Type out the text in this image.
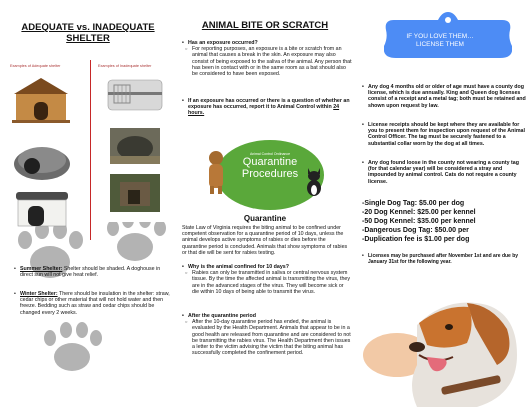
ADEQUATE vs. INADEQUATE SHELTER
Examples of Adequate shelter	Examples of Inadequate shelter
• Summer Shelter: Shelter should be shaded. A doghouse in direct sun will not give heat relief.
• Winter Shelter: There should be insulation in the shelter: straw, cedar chips or other material that will not hold water and then freeze. Bedding such as straw and cedar chips should be changed every 2 weeks.
ANIMAL BITE OR SCRATCH
• Has an exposure occurred?
○ For reporting purposes, an exposure is a bite or scratch from an animal that causes a break in the skin. An exposure may also consist of being exposed to the saliva of the animal. Any person that has been in contact with or in the same room as a bat should also be considered to have been exposed.
• If an exposure has occurred or there is a question of whether an exposure has occurred, report it to Animal Control within 24 hours.
Animal Control Ordinance
Quarantine Procedures
Quarantine
State Law of Virginia requires the biting animal to be confined under competent observation for a quarantine period of 10 days, unless the animal develops active symptoms of rabies or dies before the quarantine period is concluded. Animals that show symptoms of rabies or that die will be sent for rabies testing.
• Why is the animal confined for 10 days?
○ Rabies can only be transmitted in saliva or central nervous system tissue. By the time the affected animal is transmitting the virus, they are in the advanced stages of the virus. They will become sick or die within 10 days of being able to transmit the virus.
• After the quarantine period
○ After the 10-day quarantine period has ended, the animal is evaluated by the Health Department. Animals that appear to be in a good health are released from quarantine and are considered to not be transmitting the rabies virus. The Health Department then issues a letter to the victim advising the victim that the biting animal has successfully completed the confinement period.
IF YOU LOVE THEM… LICENSE THEM
• Any dog 4 months old or older of age must have a county dog license, which is due annually. King and Queen dog licenses consist of a receipt and a metal tag; both must be retained and shown upon request by law.
• License receipts should be kept where they are available for you to present them for inspection upon request of the Animal Control Officer. The tag must be securely fastened to a substantial collar worn by the dog at all times.
• Any dog found loose in the county not wearing a county tag (for that calendar year) will be considered a stray and impounded by animal control. Cats do not require a county license.
-Single Dog Tag: $5.00 per dog
-20 Dog Kennel: $25.00 per kennel
-50 Dog Kennel: $35.00 per kennel
-Dangerous Dog Tag: $50.00 per
-Duplication fee is $1.00 per dog
• Licenses may be purchased after November 1st and are due by January 31st for the following year.
